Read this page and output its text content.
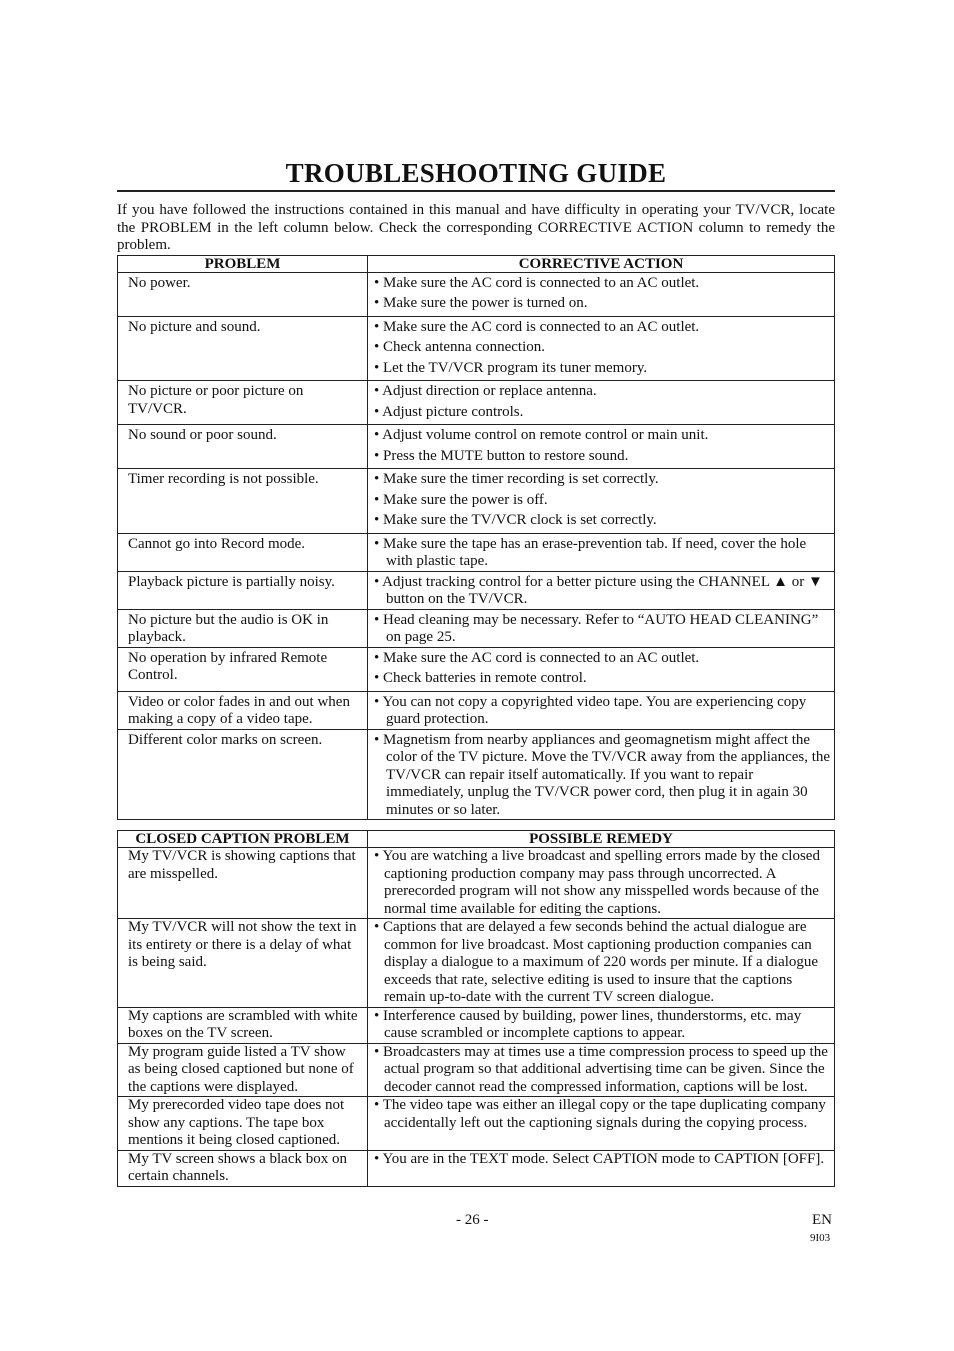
TROUBLESHOOTING GUIDE
If you have followed the instructions contained in this manual and have difficulty in operating your TV/VCR, locate the PROBLEM in the left column below. Check the corresponding CORRECTIVE ACTION column to remedy the problem.
PROBLEM	CORRECTIVE ACTION
No power.	• Make sure the AC cord is connected to an AC outlet.
• Make sure the power is turned on.

No picture and sound.	• Make sure the AC cord is connected to an AC outlet.
• Check antenna connection.
• Let the TV/VCR program its tuner memory.

No picture or poor picture on TV/VCR.	• Adjust direction or replace antenna.
• Adjust picture controls.

No sound or poor sound.	• Adjust volume control on remote control or main unit.
• Press the MUTE button to restore sound.

Timer recording is not possible.	• Make sure the timer recording is set correctly.
• Make sure the power is off.
• Make sure the TV/VCR clock is set correctly.

Cannot go into Record mode.	• Make sure the tape has an erase-prevention tab. If need, cover the hole with plastic tape.

Playback picture is partially noisy.	• Adjust tracking control for a better picture using the CHANNEL ▲ or ▼ button on the TV/VCR.

No picture but the audio is OK in playback.	• Head cleaning may be necessary. Refer to “AUTO HEAD CLEANING” on page 25.

No operation by infrared Remote Control.	• Make sure the AC cord is connected to an AC outlet.
• Check batteries in remote control.

Video or color fades in and out when making a copy of a video tape.	• You can not copy a copyrighted video tape. You are experiencing copy guard protection.

Different color marks on screen.	• Magnetism from nearby appliances and geomagnetism might affect the color of the TV picture. Move the TV/VCR away from the appliances, the TV/VCR can repair itself automatically. If you want to repair immediately, unplug the TV/VCR power cord, then plug it in again 30 minutes or so later.
CLOSED CAPTION PROBLEM	POSSIBLE REMEDY
My TV/VCR is showing captions that are misspelled.	• You are watching a live broadcast and spelling errors made by the closed captioning production company may pass through uncorrected. A prerecorded program will not show any misspelled words because of the normal time available for editing the captions.

My TV/VCR will not show the text in its entirety or there is a delay of what is being said.	• Captions that are delayed a few seconds behind the actual dialogue are common for live broadcast. Most captioning production companies can display a dialogue to a maximum of 220 words per minute. If a dialogue exceeds that rate, selective editing is used to insure that the captions remain up-to-date with the current TV screen dialogue.

My captions are scrambled with white boxes on the TV screen.	• Interference caused by building, power lines, thunderstorms, etc. may cause scrambled or incomplete captions to appear.

My program guide listed a TV show as being closed captioned but none of the captions were displayed.	• Broadcasters may at times use a time compression process to speed up the actual program so that additional advertising time can be given. Since the decoder cannot read the compressed information, captions will be lost.

My prerecorded video tape does not show any captions. The tape box mentions it being closed captioned.	• The video tape was either an illegal copy or the tape duplicating company accidentally left out the captioning signals during the copying process.

My TV screen shows a black box on certain channels.	• You are in the TEXT mode. Select CAPTION mode to CAPTION [OFF].
- 26 -	EN
9I03
